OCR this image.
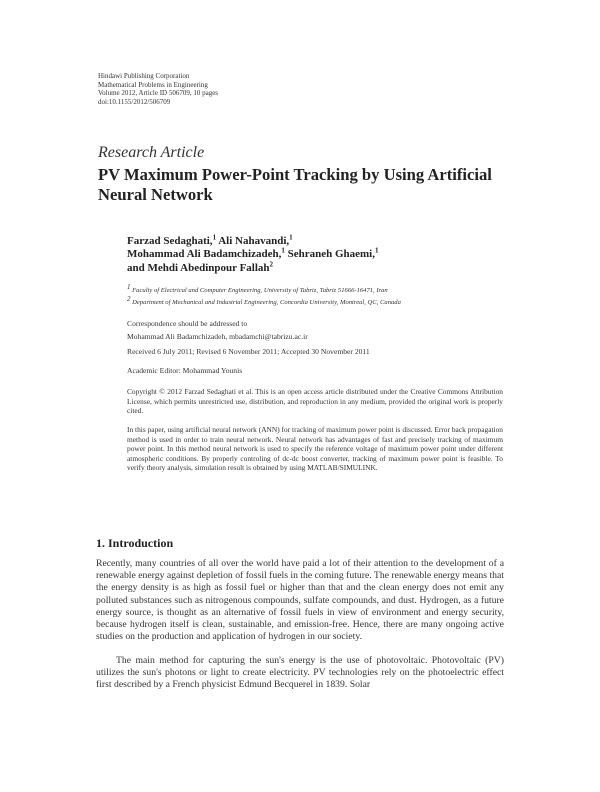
Hindawi Publishing Corporation
Mathematical Problems in Engineering
Volume 2012, Article ID 506709, 10 pages
doi:10.1155/2012/506709
Research Article
PV Maximum Power-Point Tracking by Using Artificial Neural Network
Farzad Sedaghati,$^1$ Ali Nahavandi,$^1$
Mohammad Ali Badamchizadeh,$^1$ Sehraneh Ghaemi,$^1$
and Mehdi Abedinpour Fallah$^2$
$^1$ Faculty of Electrical and Computer Engineering, University of Tabriz, Tabriz 51666-16471, Iran
$^2$ Department of Mechanical and Industrial Engineering, Concordia University, Montreal, QC, Canada
Correspondence should be addressed to
Mohammad Ali Badamchizadeh, mbadamchi@tabrizu.ac.ir
Received 6 July 2011; Revised 6 November 2011; Accepted 30 November 2011
Academic Editor: Mohammad Younis
Copyright © 2012 Farzad Sedaghati et al. This is an open access article distributed under the Creative Commons Attribution License, which permits unrestricted use, distribution, and reproduction in any medium, provided the original work is properly cited.
In this paper, using artificial neural network (ANN) for tracking of maximum power point is discussed. Error back propagation method is used in order to train neural network. Neural network has advantages of fast and precisely tracking of maximum power point. In this method neural network is used to specify the reference voltage of maximum power point under different atmospheric conditions. By properly controling of dc-dc boost converter, tracking of maximum power point is feasible. To verify theory analysis, simulation result is obtained by using MATLAB/SIMULINK.
1. Introduction
Recently, many countries of all over the world have paid a lot of their attention to the development of a renewable energy against depletion of fossil fuels in the coming future. The renewable energy means that the energy density is as high as fossil fuel or higher than that and the clean energy does not emit any polluted substances such as nitrogenous compounds, sulfate compounds, and dust. Hydrogen, as a future energy source, is thought as an alternative of fossil fuels in view of environment and energy security, because hydrogen itself is clean, sustainable, and emission-free. Hence, there are many ongoing active studies on the production and application of hydrogen in our society.
The main method for capturing the sun's energy is the use of photovoltaic. Photovoltaic (PV) utilizes the sun's photons or light to create electricity. PV technologies rely on the photoelectric effect first described by a French physicist Edmund Becquerel in 1839. Solar
